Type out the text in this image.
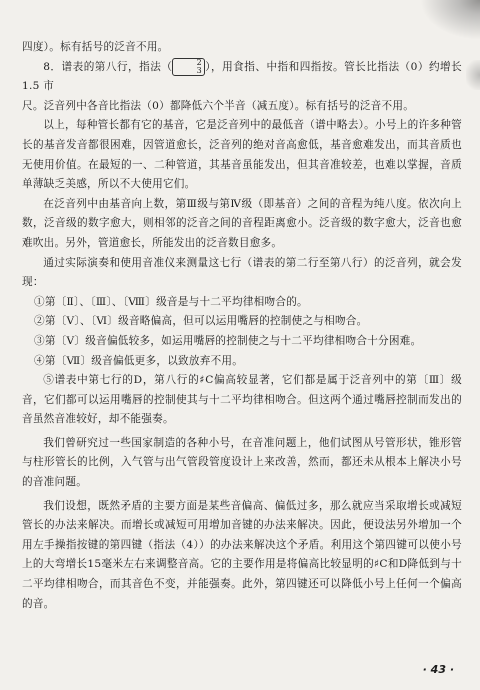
四度）。标有括号的泛音不用。

8．谱表的第八行，指法（	2
3 ），用食指、中指和四指按。管长比指法（0）约增长 1.5 市

尺。泛音列中各音比指法（0）都降低六个半音（减五度）。标有括号的泛音不用。

以上，每种管长都有它的基音，它是泛音列中的最低音（谱中略去）。小号上的许多种管长的基音发音都很困难，因管道愈长，泛音列的绝对音高愈低，基音愈难发出，而其音质也无使用价值。在最短的一、二种管道，其基音虽能发出，但其音准较差，也难以掌握，音质单薄缺乏美感，所以不大使用它们。

在泛音列中由基音向上数，第Ⅲ级与第Ⅳ级（即基音）之间的音程为纯八度。依次向上数，泛音级的数字愈大，则相邻的泛音之间的音程距离愈小。泛音级的数字愈大，泛音也愈难吹出。另外，管道愈长，所能发出的泛音数目愈多。

通过实际演奏和使用音准仪来测量这七行（谱表的第二行至第八行）的泛音列，就会发现：

①第〔Ⅱ〕、〔Ⅲ〕、〔Ⅷ〕级音是与十二平均律相吻合的。

②第〔Ⅴ〕、〔Ⅵ〕级音略偏高，但可以运用嘴唇的控制使之与相吻合。

③第〔Ⅴ〕级音偏低较多，如运用嘴唇的控制使之与十二平均律相吻合十分困难。

④第〔Ⅶ〕级音偏低更多，以致放弃不用。

⑤谱表中第七行的D，第八行的♯C偏高较显著，它们都是属于泛音列中的第〔Ⅲ〕级音，它们都可以运用嘴唇的控制使其与十二平均律相吻合。但这两个通过嘴唇控制而发出的音虽然音准较好，却不能强奏。

我们曾研究过一些国家制造的各种小号，在音准问题上，他们试图从号管形状，锥形管与柱形管长的比例，入气管与出气管段管度设计上来改善，然而，都还未从根本上解决小号的音准问题。

我们设想，既然矛盾的主要方面是某些音偏高、偏低过多，那么就应当采取增长或减短管长的办法来解决。而增长或减短可用增加音键的办法来解决。因此，便设法另外增加一个用左手操指按键的第四键（指法（4））的办法来解决这个矛盾。利用这个第四键可以使小号上的大弯增长15毫米左右来调整音高。它的主要作用是将偏高比较显明的♯C和D降低到与十二平均律相吻合，而其音色不变，并能强奏。此外，第四键还可以降低小号上任何一个偏高的音。

· 43 ·
